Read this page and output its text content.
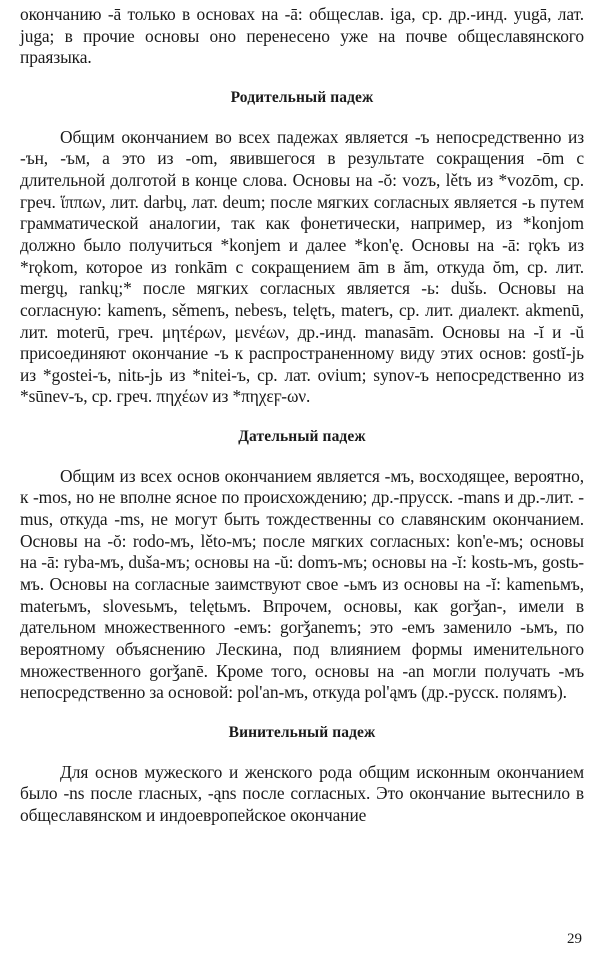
окончанию -ā только в основах на -ā: общеслав. iga, ср. др.-инд. yugā, лат. juga; в прочие основы оно перенесено уже на почве общеславянского праязыка.

Родительный падеж

Общим окончанием во всех падежах является -ъ непосредственно из -ън, -ъм, а это из -om, явившегося в результате сокращения -ōm с длительной долготой в конце слова. Основы на -ŏ: vozъ, lětъ из *vozōm, ср. греч. ἵππων, лит. darbų, лат. deum; после мягких согласных является -ь путем грамматической аналогии, так как фонетически, например, из *konjom должно было получиться *konjem и далее *kon'ę. Основы на -ā: rǫkъ из *rǫkom, которое из ronkām с сокращением ām в ăm, откуда ŏm, ср. лит. mergų, rankų;* после мягких согласных является -ь: dušь. Основы на согласную: kamenъ, sěmenъ, nebesъ, telętъ, materъ, ср. лит. диалект. akmenū, лит. moterū, греч. μητέρων, μενέων, др.-инд. manasām. Основы на -ĭ и -ŭ присоединяют окончание -ъ к распространенному виду этих основ: gostĭ-jь из *gostei-ъ, nitь-jь из *nitei-ъ, ср. лат. ovium; synov-ъ непосредственно из *sūnev-ъ, ср. греч. πηχέων из *πηχεϝ-ων.

Дательный падеж

Общим из всех основ окончанием является -мъ, восходящее, вероятно, к -mos, но не вполне ясное по происхождению; др.-прусск. -mans и др.-лит. -mus, откуда -ms, не могут быть тождественны со славянским окончанием. Основы на -ŏ: rodo-мъ, lěto-мъ; после мягких согласных: kon'e-мъ; основы на -ā: ryba-мъ, duša-мъ; основы на -ŭ: domъ-мъ; основы на -ĭ: kostь-мъ, gostь-мъ. Основы на согласные заимствуют свое -ьмъ из основы на -ĭ: kamenьмъ, materьмъ, slovesьмъ, telętьмъ. Впрочем, основы, как gorǯan-, имели в дательном множественного -емъ: gorǯanemъ; это -емъ заменило -ьмъ, по вероятному объяснению Лескина, под влиянием формы именительного множественного gorǯanē. Кроме того, основы на -an могли получать -мъ непосредственно за основой: pol'an-мъ, откуда pol'ąмъ (др.-русск. полямъ).

Винительный падеж

Для основ мужеского и женского рода общим исконным окончанием было -ns после гласных, -ąns после согласных. Это окончание вытеснило в общеславянском и индоевропейское окончание

29
